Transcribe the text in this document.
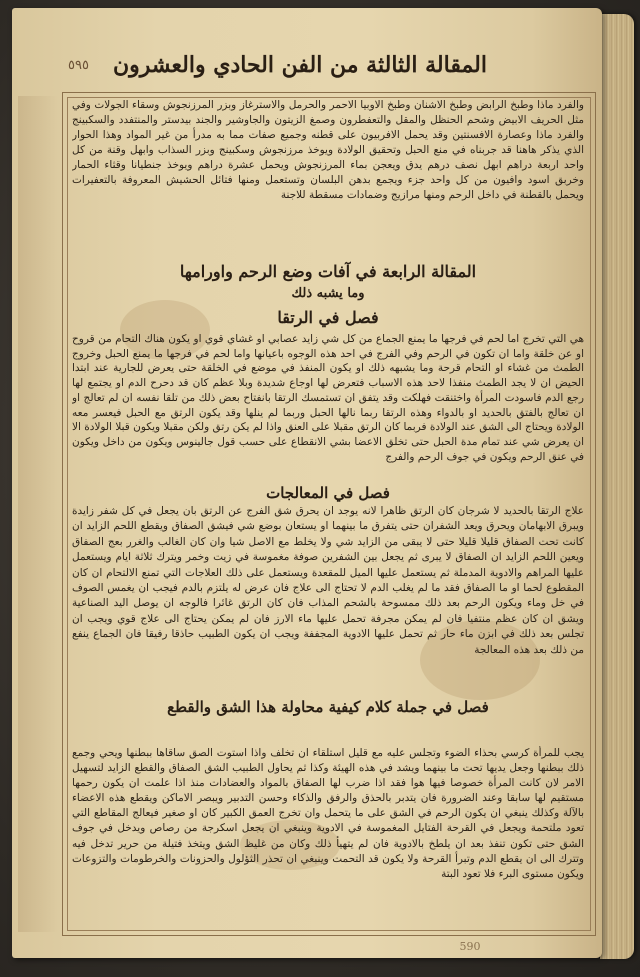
٥٩٥	المقالة الثالثة من الفن الحادي والعشرون
والفرد ماذا وطبخ الرابض وطبخ الاشنان وطبخ الاوبيا الاحمر والحرمل والاسترغاز وبزر المرزنجوش وسقاء الجولات وفي مثل الحريف الابيض وشحم الحنظل والمقل والتعفطرون وصمغ الزيتون والجاوشير والجند بيدستر والمنتفدد والسكبينج والفرد ماذا وعصارة الافسنتين وقد يحمل الافربيون على قطنه وجميع صفات مما به مدرأ من غير المواد وهذا الحوار الذي يذكر هاهنا قد جربناه في منع الحبل وتحقيق الولادة ويوخذ مرزنجوش وسكبينج وبزر السذاب وابهل وقنة من كل واحد اربعة دراهم ابهل نصف درهم يدق ويعجن بماء المرزنجوش ويحمل عشرة دراهم ويوخذ جنطيانا وقثاء الحمار وخربق اسود وافيون من كل واحد جزء ويجمع بدهن البلسان وتستعمل ومنها فتائل الحشيش المعروفة بالتعفيرات ويحمل بالقطنة في داخل الرحم ومنها مرازيج وضمادات مسقطة للاجنة
المقالة الرابعة في آفات وضع الرحم واورامها
وما يشبه ذلك
فصل في الرتقا
هي التي تخرج اما لحم في فرجها ما يمنع الجماع من كل شي زايد عصابي او غشاي قوي او يكون هناك التحام من قروح او عن خلقة واما ان تكون في الرحم وفي الفرج في احد هذه الوجوه باعيانها واما لحم في فرجها ما يمنع الحبل وخروج الطمث من غشاء او التحام قرحة وما يشبهه ذلك او يكون المنفذ في موضع في الخلقة حتى يعرض للجارية عند ابتدا الحيض ان لا يجد الطمث منفذا لاحد هذه الاسباب فتعرض لها اوجاع شديدة وبلا عظم كان قد دحرح الدم او يجتمع لها رجع الدم فاسودت المرأة واختنقت فهلكت وقد يتفق ان تستمسك الرتقا بانفتاح بعض ذلك من تلقا نفسه ان لم تعالج او ان تعالج بالفتق بالحديد او بالدواء وهذه الرتقا ربما نالها الحبل وربما لم ينلها وقد يكون الرتق مع الحبل فيعسر معه الولادة ويحتاج الى الشق عند الولادة فربما كان الرتق مقبلا على العنق واذا لم يكن رتق ولكن مقبلا ويكون قبلا الولادة الا ان يعرض شي عند تمام مدة الحبل حتى تخلق الاعضا بشي الانقطاع على حسب قول جالينوس ويكون من داخل ويكون في عنق الرحم ويكون في جوف الرحم والفرج
فصل في المعالجات
علاج الرتقا بالحديد لا شرجان كان الرتق ظاهرا لانه يوجد ان يحرق شق الفرج عن الرتق بان يجعل في كل شفر زايدة ويبرق الابهامان ويحرق ويعد الشفران حتى يتفرق ما بينهما او يستعان بوضع شي فيشق الصفاق ويقطع اللحم الزايد ان كانت تحت الصفاق قليلا قليلا حتى لا يبقى من الزايد شي ولا يخلط مع الاصل شيا وان كان الغالب والغرر بعج الصفاق ويعين اللحم الزايد ان الصفاق لا يبرى ثم يجعل بين الشفرين صوفة مغموسة في زيت وخمر ويترك ثلاثة ايام ويستعمل عليها المراهم والادوية المدملة ثم يستعمل عليها الميل للمقعدة ويستعمل على ذلك العلاجات التي تمنع الالتحام ان كان المقطوع لحما او ما الصفاق فقد ما لم يغلب الدم لا تحتاج الى علاج فان عرض له يلتزم بالدم فيجب ان يغمس الصوف في خل وماء ويكون الرحم بعد ذلك ممسوحة بالشحم المذاب فان كان الرتق غائرا فالوجه ان يوصل اليد الصناعية ويشق ان كان عظم منتفيا فان لم يمكن مجرفة تحمل عليها ماء الارز فان لم يمكن يحتاج الى علاج قوي ويجب ان تجلس بعد ذلك في ابزن ماء حار ثم تحمل عليها الادوية المجففة ويجب ان يكون الطبيب حاذقا رفيقا فان الجماع ينفع من ذلك بعد هذه المعالجة
فصل في جملة كلام كيفية محاولة هذا الشق والقطع
يجب للمرأة كرسي بحذاء الضوء وتجلس عليه مع قليل استلقاء ان تخلف واذا استوت الصق ساقاها ببطنها ويحي وجمع ذلك ببطنها وجعل يديها تحت ما بينهما ويشد في هذه الهيئة وكذا ثم يحاول الطبيب الشق الصفاق والقطع الزايد لتسهيل الامر لان كانت المرأة خصوصا فيها هوا فقد اذا ضرب لها الصفاق بالمواد والعضادات منذ اذا علمت ان يكون رحمها مستقيم لها سابقا وعند الضرورة فان يتدبر بالحذق والرفق والذكاء وحسن التدبير ويبصر الاماكن ويقطع هذه الاعضاء بالآلة وكذلك ينبغي ان يكون الرحم في الشق على ما يتحمل وان تخرج العمق الكبير كان او صغير فيعالج المقاطع التي تعود ملتحمة ويجعل في القرحة الفتايل المغموسة في الادوية وينبغي ان يجعل اسكرجة من رصاص ويدخل في جوف الشق حتى تكون تنفذ بعد ان يلطخ بالادوية فان لم يتهيأ ذلك وكان من غليظ الشق ويتخذ فتيلة من حرير تدخل فيه وتترك الى ان يقطع الدم وتبرأ القرحة ولا يكون قد التحمت وينبغي ان تحذر الثؤلول والحزونات والخرطومات والتزوعات ويكون مستوى البرء فلا تعود البتة
590
